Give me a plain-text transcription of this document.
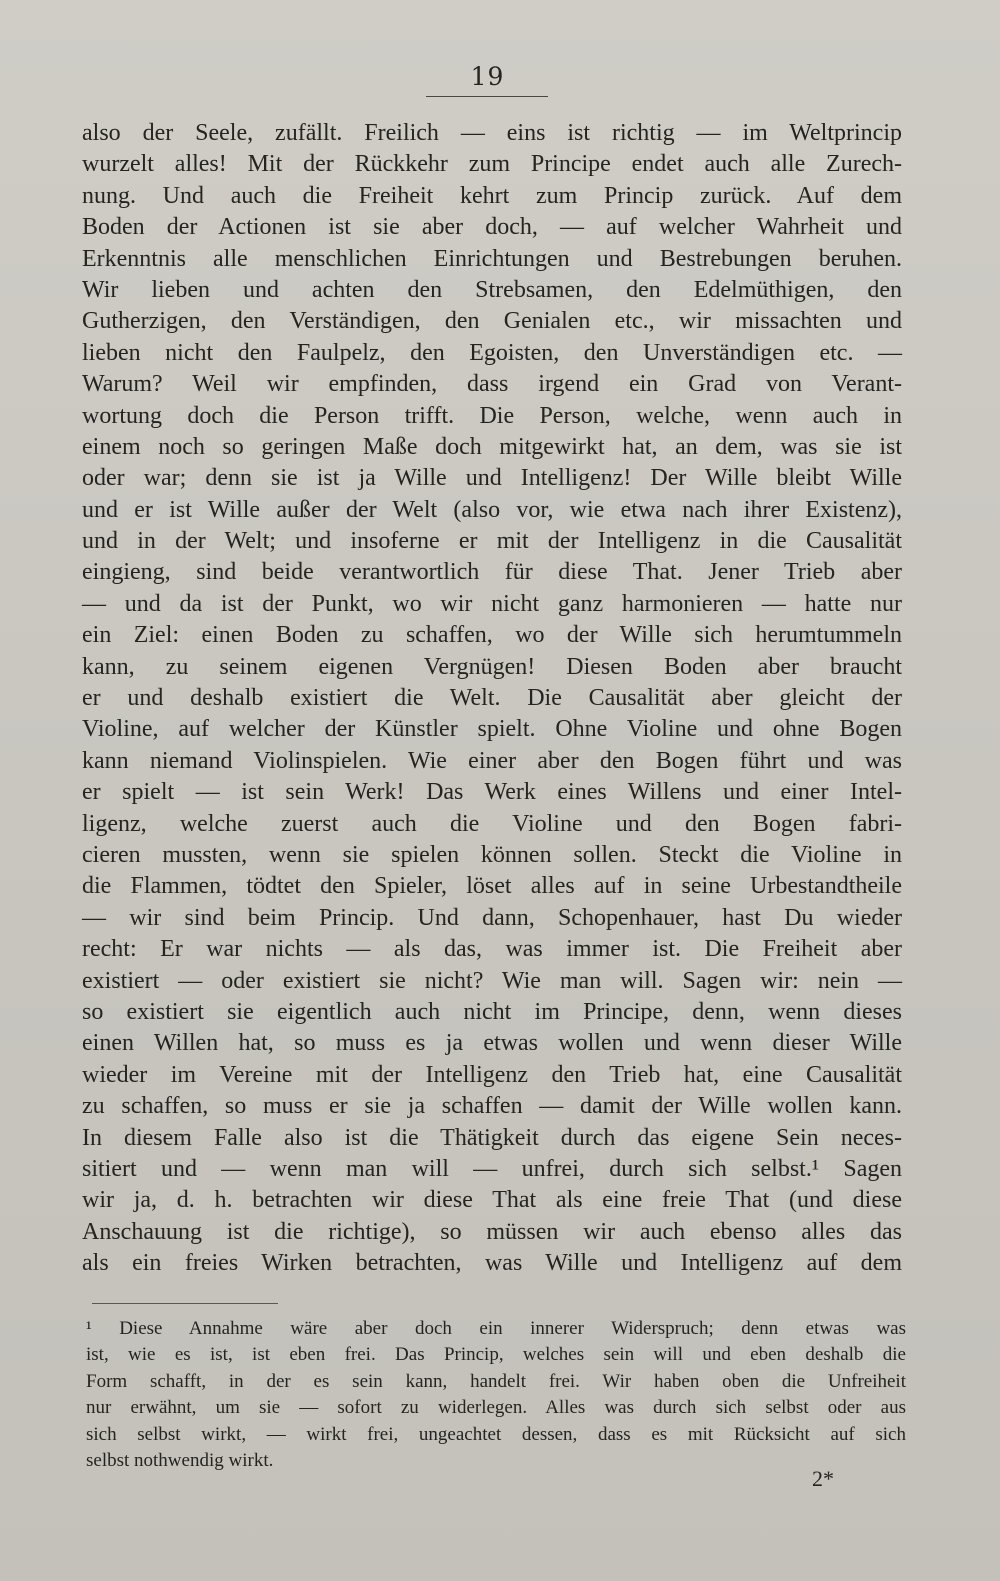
19
also der Seele, zufällt. Freilich — eins ist richtig — im Weltprincip
wurzelt alles! Mit der Rückkehr zum Principe endet auch alle Zurech-
nung. Und auch die Freiheit kehrt zum Princip zurück. Auf dem
Boden der Actionen ist sie aber doch, — auf welcher Wahrheit und
Erkenntnis alle menschlichen Einrichtungen und Bestrebungen beruhen.
Wir lieben und achten den Strebsamen, den Edelmüthigen, den
Gutherzigen, den Verständigen, den Genialen etc., wir missachten und
lieben nicht den Faulpelz, den Egoisten, den Unverständigen etc. —
Warum? Weil wir empfinden, dass irgend ein Grad von Verant-
wortung doch die Person trifft. Die Person, welche, wenn auch in
einem noch so geringen Maße doch mitgewirkt hat, an dem, was sie ist
oder war; denn sie ist ja Wille und Intelligenz! Der Wille bleibt Wille
und er ist Wille außer der Welt (also vor, wie etwa nach ihrer Existenz),
und in der Welt; und insoferne er mit der Intelligenz in die Causalität
eingieng, sind beide verantwortlich für diese That. Jener Trieb aber
— und da ist der Punkt, wo wir nicht ganz harmonieren — hatte nur
ein Ziel: einen Boden zu schaffen, wo der Wille sich herumtummeln
kann, zu seinem eigenen Vergnügen! Diesen Boden aber braucht
er und deshalb existiert die Welt. Die Causalität aber gleicht der
Violine, auf welcher der Künstler spielt. Ohne Violine und ohne Bogen
kann niemand Violinspielen. Wie einer aber den Bogen führt und was
er spielt — ist sein Werk! Das Werk eines Willens und einer Intel-
ligenz, welche zuerst auch die Violine und den Bogen fabri-
cieren mussten, wenn sie spielen können sollen. Steckt die Violine in
die Flammen, tödtet den Spieler, löset alles auf in seine Urbestandtheile
— wir sind beim Princip. Und dann, Schopenhauer, hast Du wieder
recht: Er war nichts — als das, was immer ist. Die Freiheit aber
existiert — oder existiert sie nicht? Wie man will. Sagen wir: nein —
so existiert sie eigentlich auch nicht im Principe, denn, wenn dieses
einen Willen hat, so muss es ja etwas wollen und wenn dieser Wille
wieder im Vereine mit der Intelligenz den Trieb hat, eine Causalität
zu schaffen, so muss er sie ja schaffen — damit der Wille wollen kann.
In diesem Falle also ist die Thätigkeit durch das eigene Sein neces-
sitiert und — wenn man will — unfrei, durch sich selbst.¹ Sagen
wir ja, d. h. betrachten wir diese That als eine freie That (und diese
Anschauung ist die richtige), so müssen wir auch ebenso alles das
als ein freies Wirken betrachten, was Wille und Intelligenz auf dem
¹ Diese Annahme wäre aber doch ein innerer Widerspruch; denn etwas was
ist, wie es ist, ist eben frei. Das Princip, welches sein will und eben deshalb die
Form schafft, in der es sein kann, handelt frei. Wir haben oben die Unfreiheit
nur erwähnt, um sie — sofort zu widerlegen. Alles was durch sich selbst oder aus
sich selbst wirkt, — wirkt frei, ungeachtet dessen, dass es mit Rücksicht auf sich
selbst nothwendig wirkt.
2*
